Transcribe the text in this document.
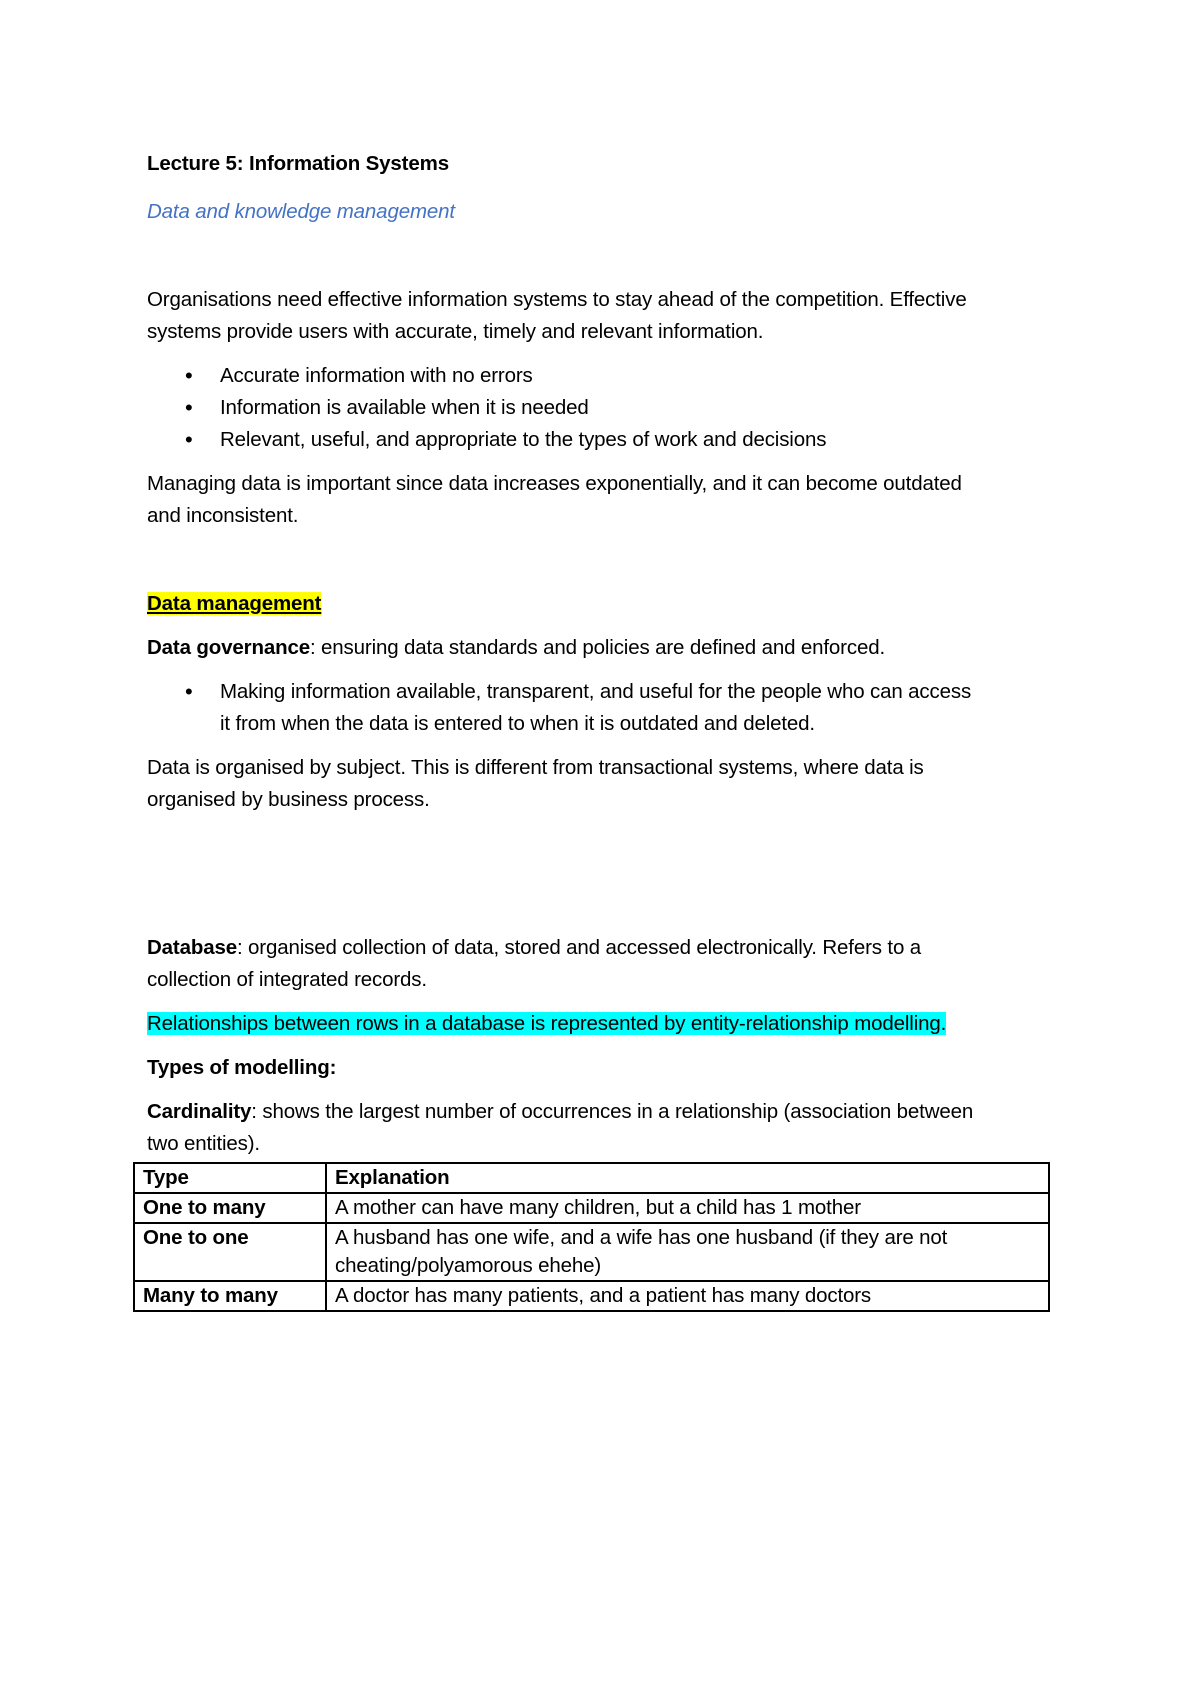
Lecture 5: Information Systems

Data and knowledge management

Organisations need effective information systems to stay ahead of the competition. Effective

systems provide users with accurate, timely and relevant information.

• Accurate information with no errors
• Information is available when it is needed
• Relevant, useful, and appropriate to the types of work and decisions

Managing data is important since data increases exponentially, and it can become outdated

and inconsistent.

Data management

Data governance: ensuring data standards and policies are defined and enforced.

• Making information available, transparent, and useful for the people who can access
it from when the data is entered to when it is outdated and deleted.

Data is organised by subject. This is different from transactional systems, where data is

organised by business process.

Database: organised collection of data, stored and accessed electronically. Refers to a

collection of integrated records.

Relationships between rows in a database is represented by entity-relationship modelling.

Types of modelling:

Cardinality: shows the largest number of occurrences in a relationship (association between

two entities).

Type	Explanation
One to many	A mother can have many children, but a child has 1 mother
One to one	A husband has one wife, and a wife has one husband (if they are not
cheating/polyamorous ehehe)
Many to many	A doctor has many patients, and a patient has many doctors
